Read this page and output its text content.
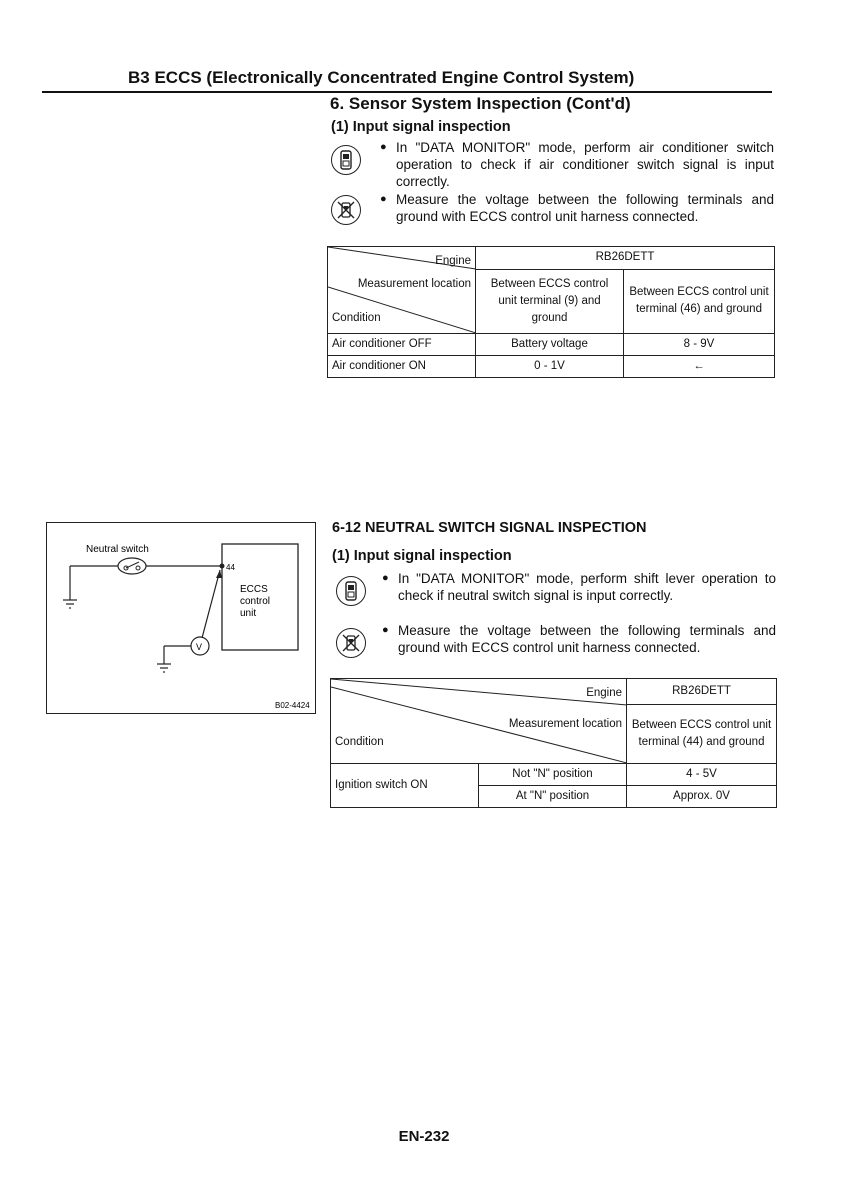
B3 ECCS (Electronically Concentrated Engine Control System)
6. Sensor System Inspection (Cont'd)
(1) Input signal inspection
● In "DATA MONITOR" mode, perform air conditioner switch operation to check if air conditioner switch signal is input correctly.
● Measure the voltage between the following terminals and ground with ECCS control unit harness connected.
Engine
Measurement location
Condition	RB26DETT	
	Between ECCS control unit terminal (9) and ground	Between ECCS control unit terminal (46) and ground
Air conditioner OFF	Battery voltage	8 - 9V
Air conditioner ON	0 - 1V	←
Neutral switch
ECCS
control
unit
44
V
B02-4424
6-12 NEUTRAL SWITCH SIGNAL INSPECTION
(1) Input signal inspection
● In "DATA MONITOR" mode, perform shift lever operation to check if neutral switch signal is input correctly.
● Measure the voltage between the following terminals and ground with ECCS control unit harness connected.
Engine
Measurement location
Condition		RB26DETT
		Between ECCS control unit terminal (44) and ground
Ignition switch ON	Not "N" position	4 - 5V
	At "N" position	Approx. 0V
EN-232
